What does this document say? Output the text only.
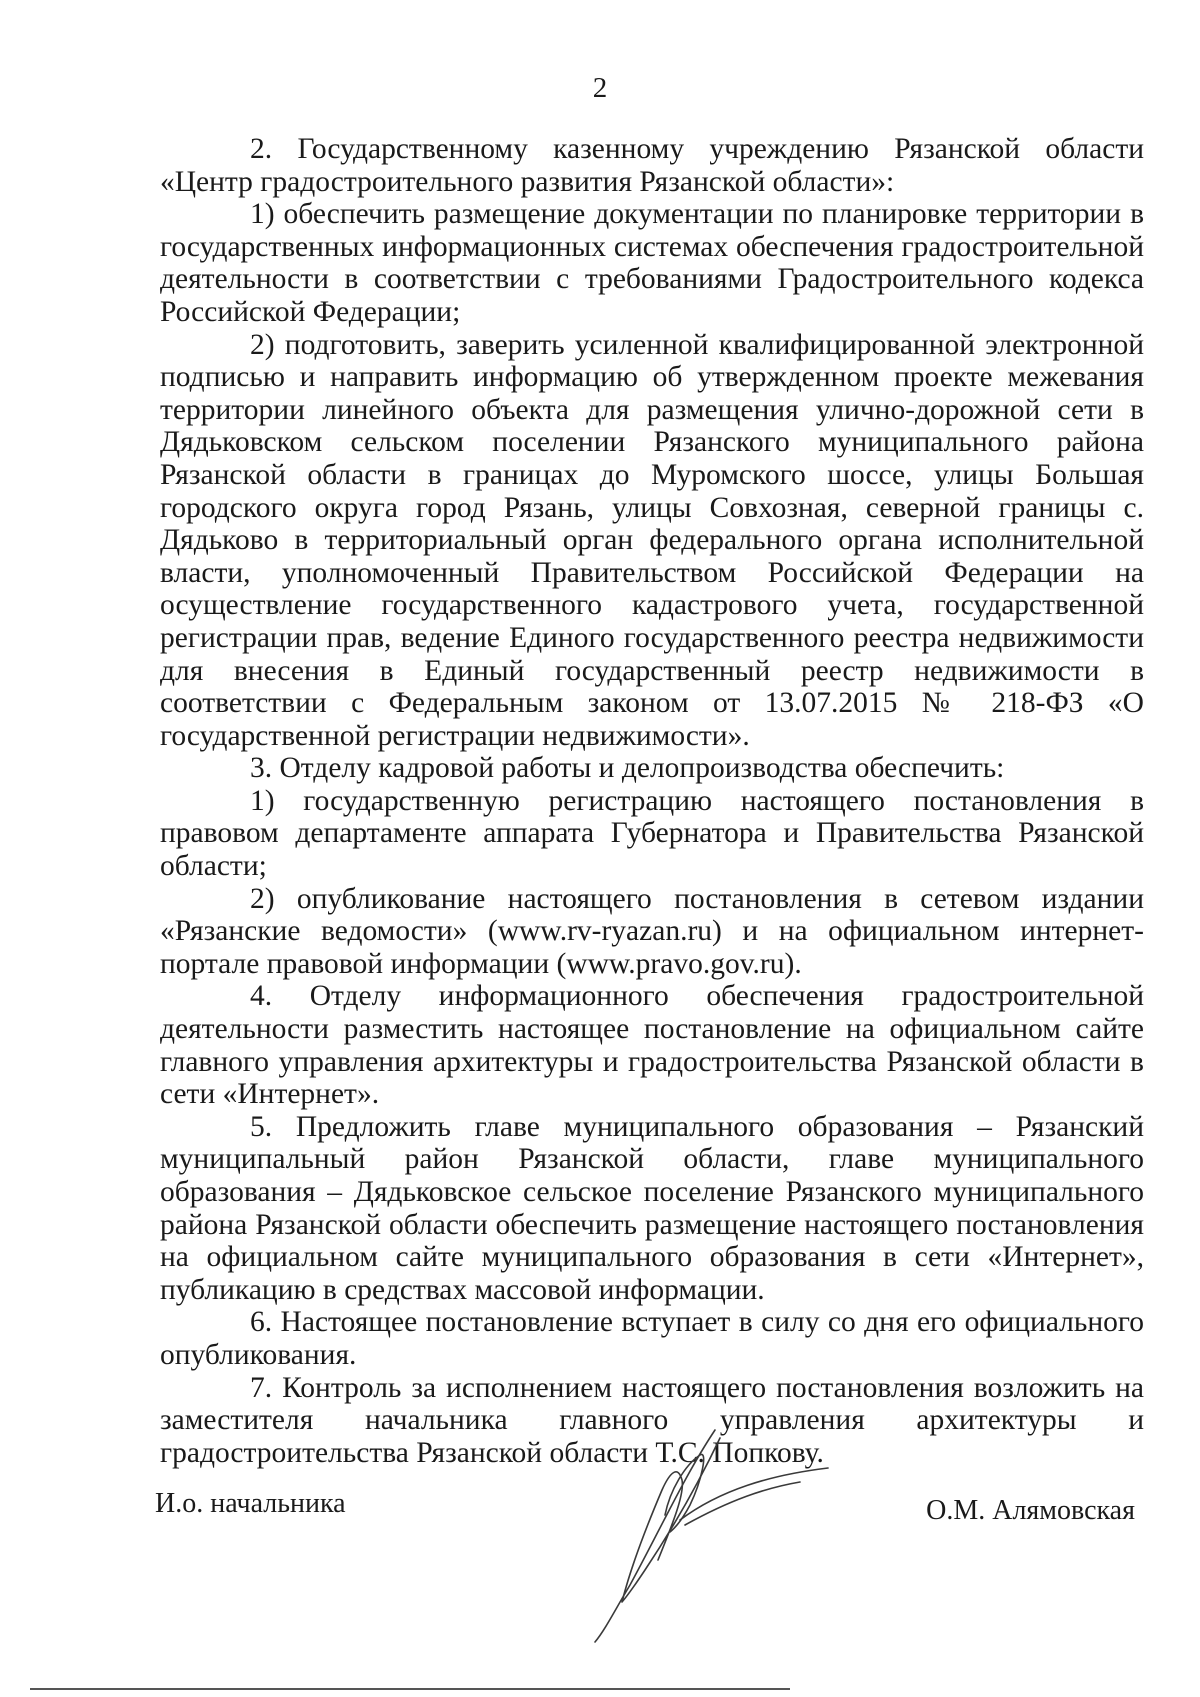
2

2. Государственному казенному учреждению Рязанской области «Центр градостроительного развития Рязанской области»:

1) обеспечить размещение документации по планировке территории в государственных информационных системах обеспечения градостроительной деятельности в соответствии с требованиями Градостроительного кодекса Российской Федерации;

2) подготовить, заверить усиленной квалифицированной электронной подписью и направить информацию об утвержденном проекте межевания территории линейного объекта для размещения улично-дорожной сети в Дядьковском сельском поселении Рязанского муниципального района Рязанской области в границах до Муромского шоссе, улицы Большая городского округа город Рязань, улицы Совхозная, северной границы с. Дядьково в территориальный орган федерального органа исполнительной власти, уполномоченный Правительством Российской Федерации на осуществление государственного кадастрового учета, государственной регистрации прав, ведение Единого государственного реестра недвижимости для внесения в Единый государственный реестр недвижимости в соответствии с Федеральным законом от 13.07.2015 № 218-ФЗ «О государственной регистрации недвижимости».

3. Отделу кадровой работы и делопроизводства обеспечить:

1) государственную регистрацию настоящего постановления в правовом департаменте аппарата Губернатора и Правительства Рязанской области;

2) опубликование настоящего постановления в сетевом издании «Рязанские ведомости» (www.rv-ryazan.ru) и на официальном интернет-портале правовой информации (www.pravo.gov.ru).

4. Отделу информационного обеспечения градостроительной деятельности разместить настоящее постановление на официальном сайте главного управления архитектуры и градостроительства Рязанской области в сети «Интернет».

5. Предложить главе муниципального образования – Рязанский муниципальный район Рязанской области, главе муниципального образования – Дядьковское сельское поселение Рязанского муниципального района Рязанской области обеспечить размещение настоящего постановления на официальном сайте муниципального образования в сети «Интернет», публикацию в средствах массовой информации.

6. Настоящее постановление вступает в силу со дня его официального опубликования.

7. Контроль за исполнением настоящего постановления возложить на заместителя начальника главного управления архитектуры и градостроительства Рязанской области Т.С. Попкову.

И.о. начальника	О.М. Алямовская
